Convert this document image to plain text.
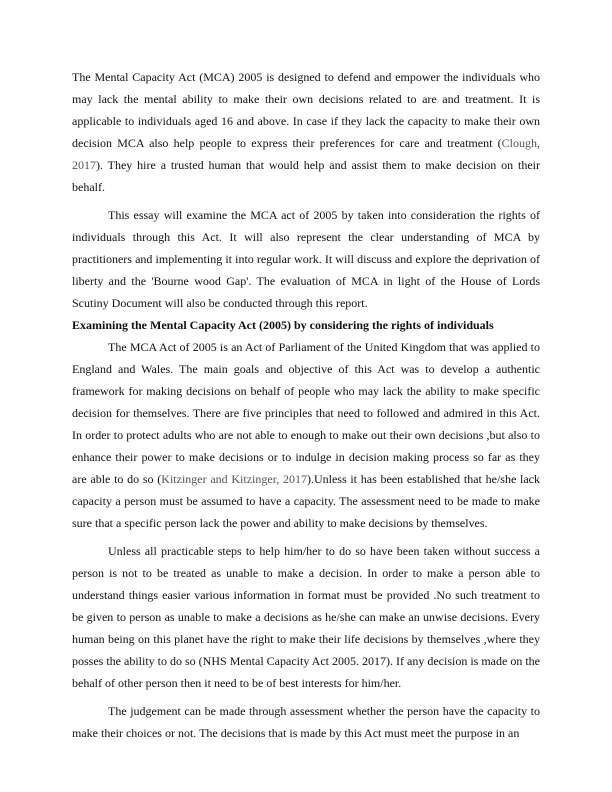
The Mental Capacity Act (MCA) 2005 is designed to defend and empower the individuals who may lack the mental ability to make their own decisions related to are and treatment. It is applicable to individuals aged 16 and above. In case if they lack the capacity to make their own decision MCA also help people to express their preferences for care and treatment (Clough, 2017). They hire a trusted human that would help and assist them to make decision on their behalf.

This essay will examine the MCA act of 2005 by taken into consideration the rights of individuals through this Act. It will also represent the clear understanding of MCA by practitioners and implementing it into regular work. It will discuss and explore the deprivation of liberty and the 'Bourne wood Gap'. The evaluation of MCA in light of the House of Lords Scutiny Document will also be conducted through this report.

Examining the Mental Capacity Act (2005) by considering the rights of individuals

The MCA Act of 2005 is an Act of Parliament of the United Kingdom that was applied to England and Wales. The main goals and objective of this Act was to develop a authentic framework for making decisions on behalf of people who may lack the ability to make specific decision for themselves. There are five principles that need to followed and admired in this Act. In order to protect adults who are not able to enough to make out their own decisions ,but also to enhance their power to make decisions or to indulge in decision making process so far as they are able to do so (Kitzinger and Kitzinger, 2017).Unless it has been established that he/she lack capacity a person must be assumed to have a capacity. The assessment need to be made to make sure that a specific person lack the power and ability to make decisions by themselves.

Unless all practicable steps to help him/her to do so have been taken without success a person is not to be treated as unable to make a decision. In order to make a person able to understand things easier various information in format must be provided .No such treatment to be given to person as unable to make a decisions as he/she can make an unwise decisions. Every human being on this planet have the right to make their life decisions by themselves ,where they posses the ability to do so (NHS Mental Capacity Act 2005. 2017). If any decision is made on the behalf of other person then it need to be of best interests for him/her.

The judgement can be made through assessment whether the person have the capacity to make their choices or not. The decisions that is made by this Act must meet the purpose in an
